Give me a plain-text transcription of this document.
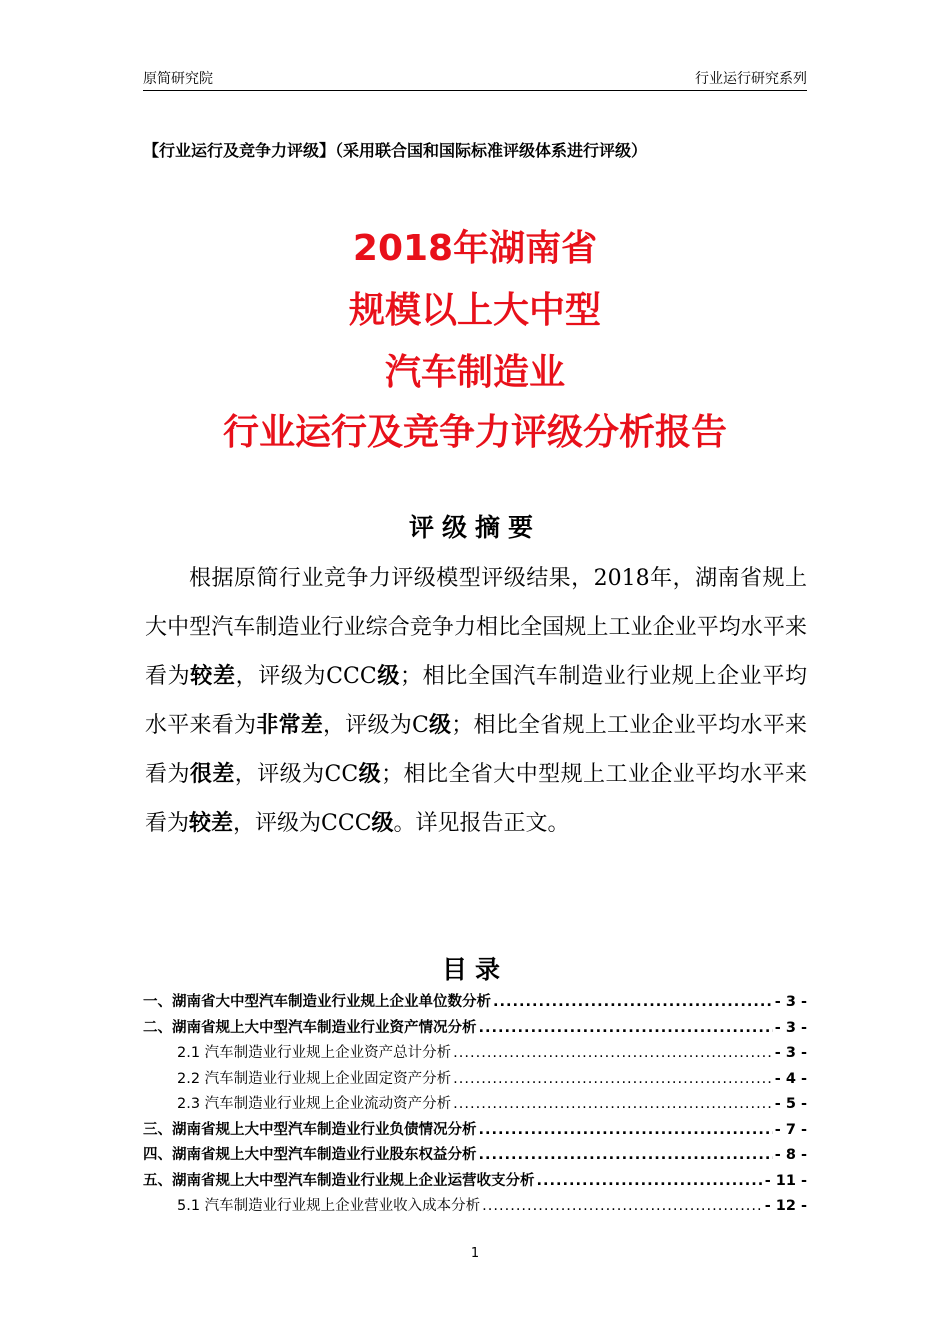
原简研究院	行业运行研究系列
【行业运行及竞争力评级】（采用联合国和国际标准评级体系进行评级）
2018年湖南省
规模以上大中型
汽车制造业
行业运行及竞争力评级分析报告
评级摘要

根据原简行业竞争力评级模型评级结果，2018年，湖南省规上大中型汽车制造业行业综合竞争力相比全国规上工业企业平均水平来看为较差，评级为CCC级；相比全国汽车制造业行业规上企业平均水平来看为非常差，评级为C级；相比全省规上工业企业平均水平来看为很差，评级为CC级；相比全省大中型规上工业企业平均水平来看为较差，评级为CCC级。详见报告正文。

目录
一、湖南省大中型汽车制造业行业规上企业单位数分析 .....	- 3 -
二、湖南省规上大中型汽车制造业行业资产情况分析 .....	- 3 -
2.1 汽车制造业行业规上企业资产总计分析 .....	- 3 -
2.2 汽车制造业行业规上企业固定资产分析 .....	- 4 -
2.3 汽车制造业行业规上企业流动资产分析 .....	- 5 -
三、湖南省规上大中型汽车制造业行业负债情况分析 .....	- 7 -
四、湖南省规上大中型汽车制造业行业股东权益分析 .....	- 8 -
五、湖南省规上大中型汽车制造业行业规上企业运营收支分析 .....	- 11 -
5.1 汽车制造业行业规上企业营业收入成本分析 .....	- 12 -
1
